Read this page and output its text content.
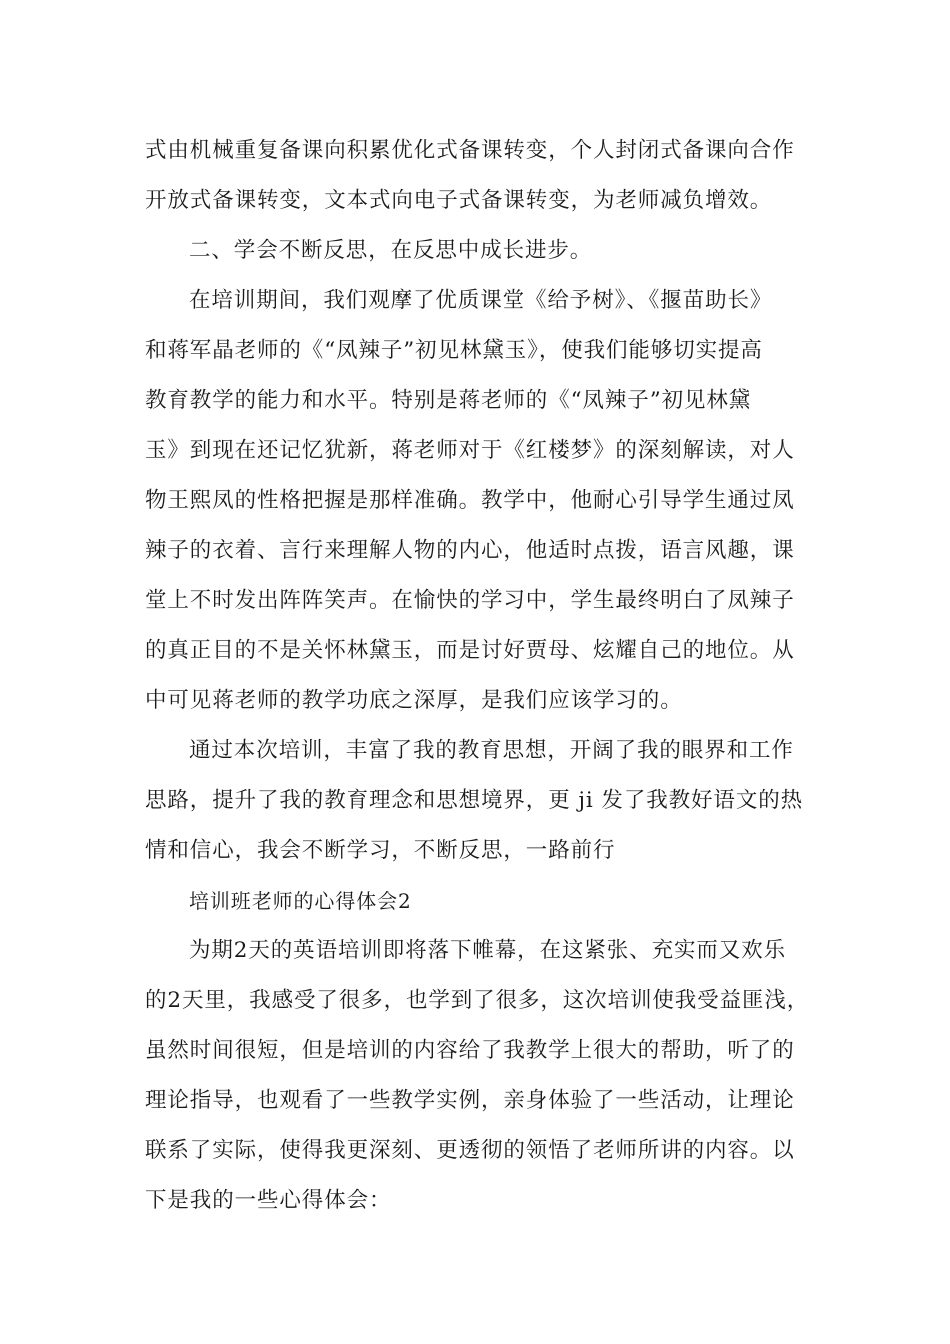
式由机械重复备课向积累优化式备课转变，个人封闭式备课向合作
开放式备课转变，文本式向电子式备课转变，为老师减负增效。
二、学会不断反思，在反思中成长进步。
在培训期间，我们观摩了优质课堂《给予树》、《揠苗助长》
和蒋军晶老师的《“凤辣子”初见林黛玉》，使我们能够切实提高
教育教学的能力和水平。特别是蒋老师的《“凤辣子”初见林黛
玉》到现在还记忆犹新，蒋老师对于《红楼梦》的深刻解读，对人
物王熙凤的性格把握是那样准确。教学中，他耐心引导学生通过凤
辣子的衣着、言行来理解人物的内心，他适时点拨，语言风趣，课
堂上不时发出阵阵笑声。在愉快的学习中，学生最终明白了凤辣子
的真正目的不是关怀林黛玉，而是讨好贾母、炫耀自己的地位。从
中可见蒋老师的教学功底之深厚，是我们应该学习的。
通过本次培训，丰富了我的教育思想，开阔了我的眼界和工作
思路，提升了我的教育理念和思想境界，更 ji 发了我教好语文的热
情和信心，我会不断学习，不断反思，一路前行
培训班老师的心得体会2
为期2天的英语培训即将落下帷幕，在这紧张、充实而又欢乐
的2天里，我感受了很多，也学到了很多，这次培训使我受益匪浅，
虽然时间很短，但是培训的内容给了我教学上很大的帮助，听了的
理论指导，也观看了一些教学实例，亲身体验了一些活动，让理论
联系了实际，使得我更深刻、更透彻的领悟了老师所讲的内容。以
下是我的一些心得体会：
